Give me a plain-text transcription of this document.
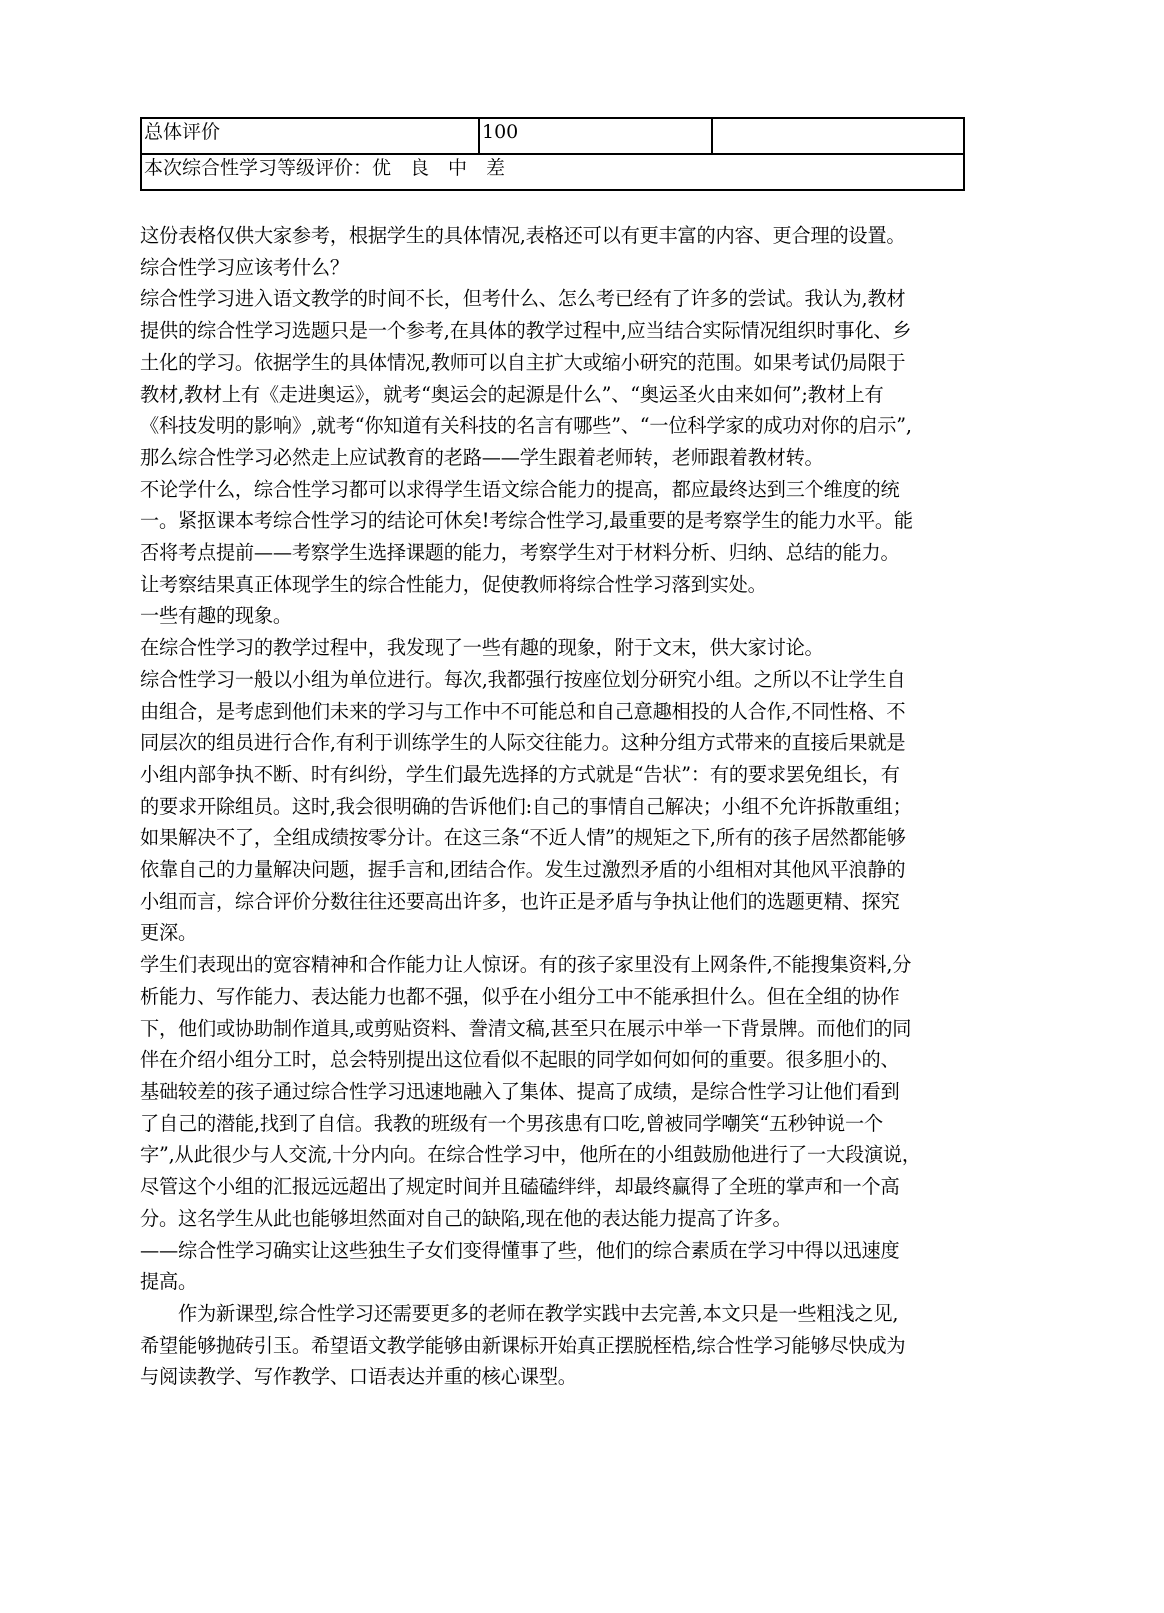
总体评价	100	
本次综合性学习等级评价：优　良　中　差

这份表格仅供大家参考，根据学生的具体情况,表格还可以有更丰富的内容、更合理的设置。

综合性学习应该考什么？

综合性学习进入语文教学的时间不长，但考什么、怎么考已经有了许多的尝试。我认为,教材

提供的综合性学习选题只是一个参考,在具体的教学过程中,应当结合实际情况组织时事化、乡

土化的学习。依据学生的具体情况,教师可以自主扩大或缩小研究的范围。如果考试仍局限于

教材,教材上有《走进奥运》，就考“奥运会的起源是什么”、“奥运圣火由来如何”;教材上有

《科技发明的影响》,就考“你知道有关科技的名言有哪些”、“一位科学家的成功对你的启示”,

那么综合性学习必然走上应试教育的老路——学生跟着老师转，老师跟着教材转。

不论学什么，综合性学习都可以求得学生语文综合能力的提高，都应最终达到三个维度的统

一。紧抠课本考综合性学习的结论可休矣!考综合性学习,最重要的是考察学生的能力水平。能

否将考点提前——考察学生选择课题的能力，考察学生对于材料分析、归纳、总结的能力。

让考察结果真正体现学生的综合性能力，促使教师将综合性学习落到实处。

一些有趣的现象。

在综合性学习的教学过程中，我发现了一些有趣的现象，附于文末，供大家讨论。

综合性学习一般以小组为单位进行。每次,我都强行按座位划分研究小组。之所以不让学生自

由组合，是考虑到他们未来的学习与工作中不可能总和自己意趣相投的人合作,不同性格、不

同层次的组员进行合作,有利于训练学生的人际交往能力。这种分组方式带来的直接后果就是

小组内部争执不断、时有纠纷，学生们最先选择的方式就是“告状”：有的要求罢免组长，有

的要求开除组员。这时,我会很明确的告诉他们:自己的事情自己解决；小组不允许拆散重组；

如果解决不了，全组成绩按零分计。在这三条“不近人情”的规矩之下,所有的孩子居然都能够

依靠自己的力量解决问题，握手言和,团结合作。发生过激烈矛盾的小组相对其他风平浪静的

小组而言，综合评价分数往往还要高出许多，也许正是矛盾与争执让他们的选题更精、探究

更深。

学生们表现出的宽容精神和合作能力让人惊讶。有的孩子家里没有上网条件,不能搜集资料,分

析能力、写作能力、表达能力也都不强，似乎在小组分工中不能承担什么。但在全组的协作

下，他们或协助制作道具,或剪贴资料、誊清文稿,甚至只在展示中举一下背景牌。而他们的同

伴在介绍小组分工时，总会特别提出这位看似不起眼的同学如何如何的重要。很多胆小的、

基础较差的孩子通过综合性学习迅速地融入了集体、提高了成绩，是综合性学习让他们看到

了自己的潜能,找到了自信。我教的班级有一个男孩患有口吃,曾被同学嘲笑“五秒钟说一个

字”,从此很少与人交流,十分内向。在综合性学习中，他所在的小组鼓励他进行了一大段演说，

尽管这个小组的汇报远远超出了规定时间并且磕磕绊绊，却最终赢得了全班的掌声和一个高

分。这名学生从此也能够坦然面对自己的缺陷,现在他的表达能力提高了许多。

——综合性学习确实让这些独生子女们变得懂事了些，他们的综合素质在学习中得以迅速度

提高。

作为新课型,综合性学习还需要更多的老师在教学实践中去完善,本文只是一些粗浅之见,

希望能够抛砖引玉。希望语文教学能够由新课标开始真正摆脱桎梏,综合性学习能够尽快成为

与阅读教学、写作教学、口语表达并重的核心课型。
